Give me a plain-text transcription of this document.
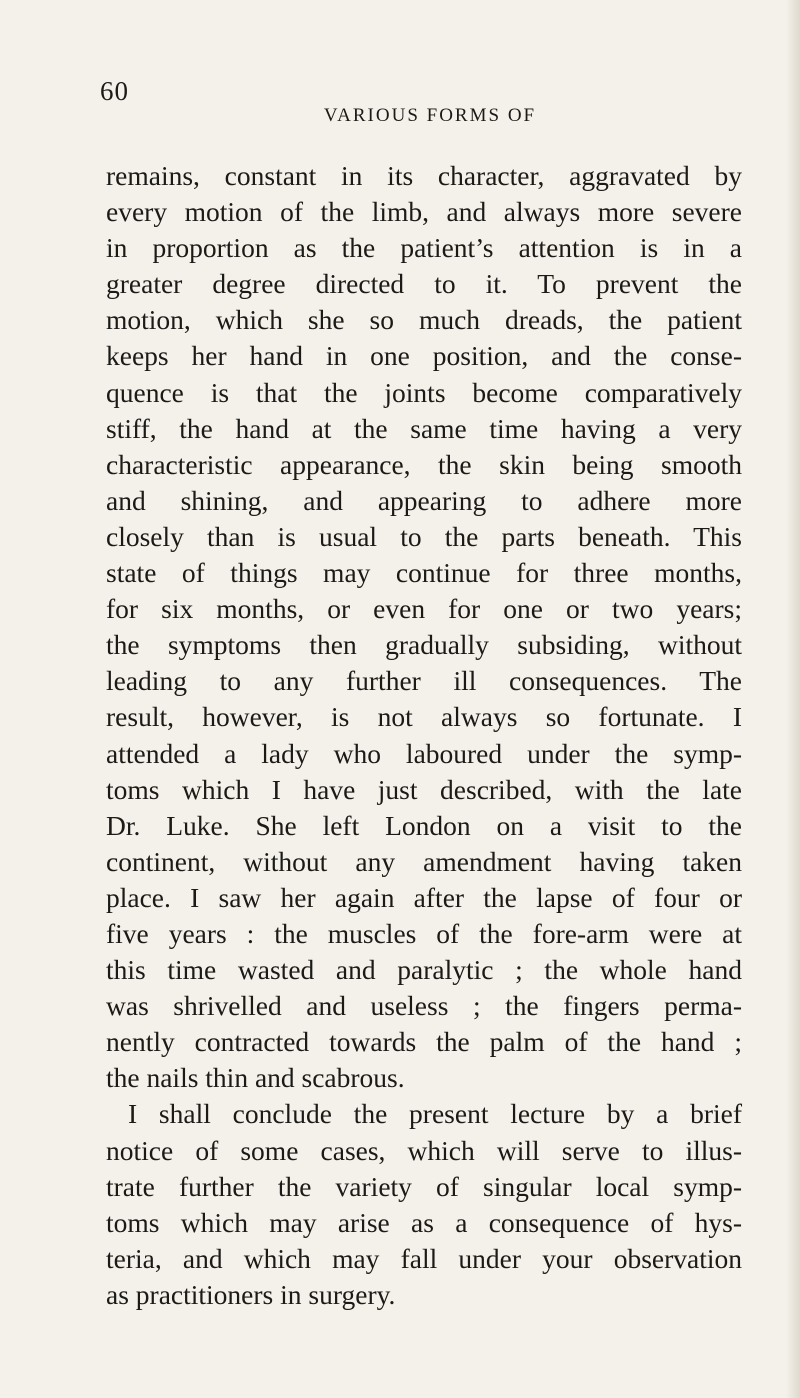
60
VARIOUS FORMS OF
remains, constant in its character, aggravated by
every motion of the limb, and always more severe
in proportion as the patient’s attention is in a
greater degree directed to it. To prevent the
motion, which she so much dreads, the patient
keeps her hand in one position, and the conse-
quence is that the joints become comparatively
stiff, the hand at the same time having a very
characteristic appearance, the skin being smooth
and shining, and appearing to adhere more
closely than is usual to the parts beneath. This
state of things may continue for three months,
for six months, or even for one or two years;
the symptoms then gradually subsiding, without
leading to any further ill consequences. The
result, however, is not always so fortunate. I
attended a lady who laboured under the symp-
toms which I have just described, with the late
Dr. Luke. She left London on a visit to the
continent, without any amendment having taken
place. I saw her again after the lapse of four or
five years : the muscles of the fore-arm were at
this time wasted and paralytic ; the whole hand
was shrivelled and useless ; the fingers perma-
nently contracted towards the palm of the hand ;
the nails thin and scabrous.
I shall conclude the present lecture by a brief
notice of some cases, which will serve to illus-
trate further the variety of singular local symp-
toms which may arise as a consequence of hys-
teria, and which may fall under your observation
as practitioners in surgery.
